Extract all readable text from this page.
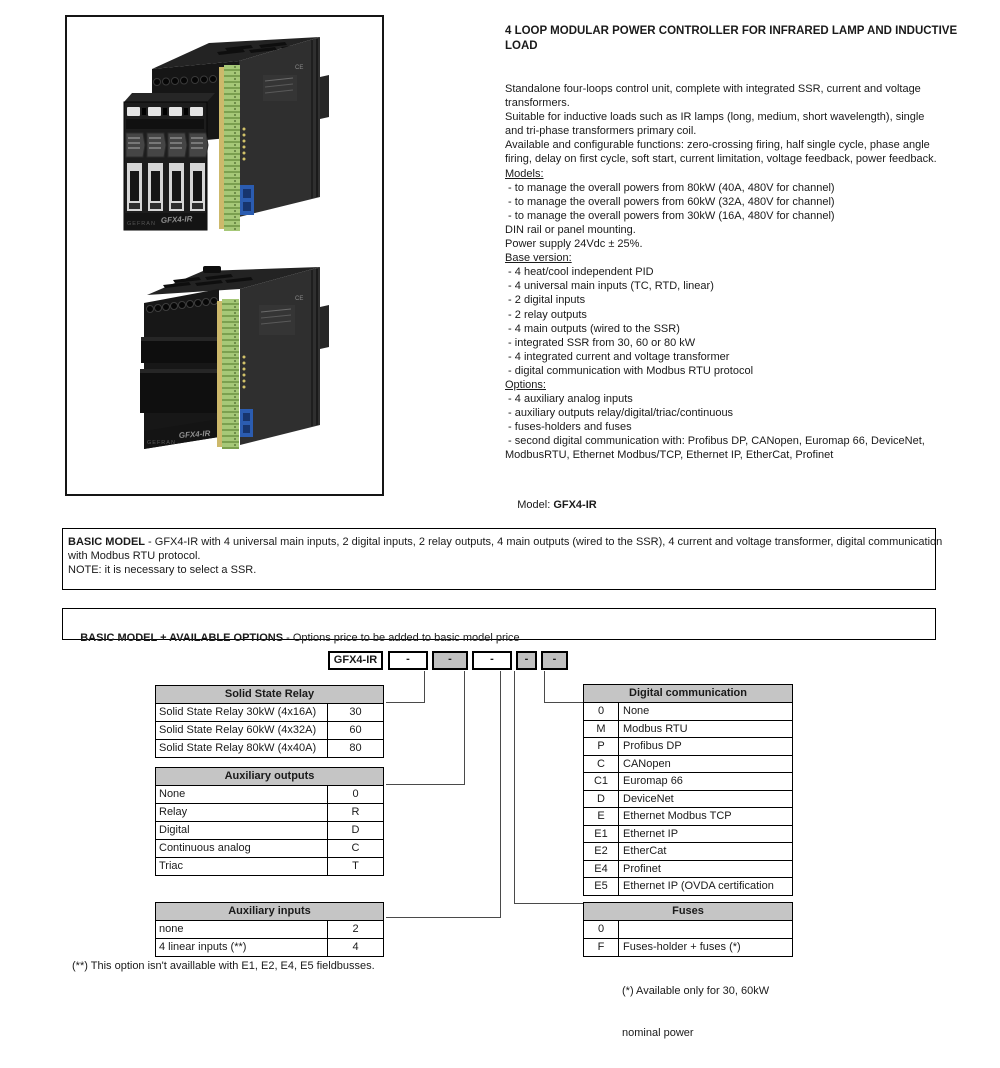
CE
GEFRAN GFX4-IR
CE
GEFRAN
GFX4-IR
4 LOOP MODULAR POWER CONTROLLER FOR INFRARED LAMP AND INDUCTIVE
LOAD
Standalone four-loops control unit, complete with integrated SSR, current and voltage
transformers.
Suitable for inductive loads such as IR lamps (long, medium, short wavelength), single
and tri-phase transformers primary coil.
Available and configurable functions: zero-crossing firing, half single cycle, phase angle
firing, delay on first cycle, soft start, current limitation, voltage feedback, power feedback.
Models:
- to manage the overall powers from 80kW (40A, 480V for channel)
- to manage the overall powers from 60kW (32A, 480V for channel)
- to manage the overall powers from 30kW (16A, 480V for channel)
DIN rail or panel mounting.
Power supply 24Vdc ± 25%.
Base version:
- 4 heat/cool independent PID
- 4 universal main inputs (TC, RTD, linear)
- 2 digital inputs
- 2 relay outputs
- 4 main outputs (wired to the SSR)
- integrated SSR from 30, 60 or 80 kW
- 4 integrated current and voltage transformer
- digital communication with Modbus RTU protocol
Options:
- 4 auxiliary analog inputs
- auxiliary outputs relay/digital/triac/continuous
- fuses-holders and fuses
- second digital communication with: Profibus DP, CANopen, Euromap 66, DeviceNet,
ModbusRTU, Ethernet Modbus/TCP, Ethernet IP, EtherCat, Profinet

Model: GFX4-IR

BASIC MODEL - GFX4-IR with 4 universal main inputs, 2 digital inputs, 2 relay outputs, 4 main outputs (wired to the SSR), 4 current and voltage transformer, digital communication
with Modbus RTU protocol.
NOTE: it is necessary to select a SSR.

BASIC MODEL + AVAILABLE OPTIONS - Options price to be added to basic model price

GFX4-IR	-	-	-	-	-
Solid State Relay
Solid State Relay 30kW (4x16A)	30
Solid State Relay 60kW (4x32A)	60
Solid State Relay 80kW (4x40A)	80
Auxiliary outputs
None	0
Relay	R
Digital	D
Continuous analog	C
Triac	T
Auxiliary inputs
none	2
4 linear inputs (**)	4
Digital communication
0	None
M	Modbus RTU
P	Profibus DP
C	CANopen
C1	Euromap 66
D	DeviceNet
E	Ethernet Modbus TCP
E1	Ethernet IP
E2	EtherCat
E4	Profinet
E5	Ethernet IP (OVDA certification
Fuses
0
F	Fuses-holder + fuses (*)
(**) This option isn't availlable with E1, E2, E4, E5 fieldbusses.

(*) Available only for 30, 60kW

nominal power
